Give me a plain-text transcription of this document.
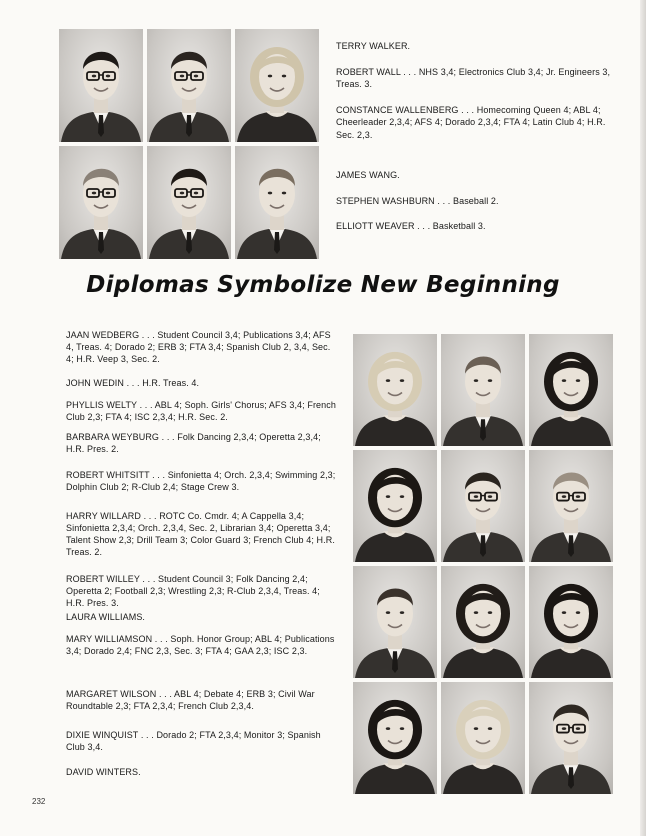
TERRY WALKER.

ROBERT WALL . . . NHS 3,4; Electronics Club 3,4; Jr. Engineers 3, Treas. 3.

CONSTANCE WALLENBERG . . . Homecoming Queen 4; ABL 4; Cheerleader 2,3,4; AFS 4; Dorado 2,3,4; FTA 4; Latin Club 4; H.R. Sec. 2,3.

JAMES WANG.

STEPHEN WASHBURN . . . Baseball 2.

ELLIOTT WEAVER . . . Basketball 3.

Diplomas Symbolize New Beginning

JAAN WEDBERG . . . Student Council 3,4; Publications 3,4; AFS 4, Treas. 4; Dorado 2; ERB 3; FTA 3,4; Spanish Club 2, 3,4, Sec. 4; H.R. Veep 3, Sec. 2.

JOHN WEDIN . . . H.R. Treas. 4.

PHYLLIS WELTY . . . ABL 4; Soph. Girls' Chorus; AFS 3,4; French Club 2,3; FTA 4; ISC 2,3,4; H.R. Sec. 2.

BARBARA WEYBURG . . . Folk Dancing 2,3,4; Operetta 2,3,4; H.R. Pres. 2.

ROBERT WHITSITT . . . Sinfonietta 4; Orch. 2,3,4; Swimming 2,3; Dolphin Club 2; R-Club 2,4; Stage Crew 3.

HARRY WILLARD . . . ROTC Co. Cmdr. 4; A Cappella 3,4; Sinfonietta 2,3,4; Orch. 2,3,4, Sec. 2, Librarian 3,4; Operetta 3,4; Talent Show 2,3; Drill Team 3; Color Guard 3; French Club 4; H.R. Treas. 2.

ROBERT WILLEY . . . Student Council 3; Folk Dancing 2,4; Operetta 2; Football 2,3; Wrestling 2,3; R-Club 2,3,4, Treas. 4; H.R. Pres. 3.

LAURA WILLIAMS.

MARY WILLIAMSON . . . Soph. Honor Group; ABL 4; Publications 3,4; Dorado 2,4; FNC 2,3, Sec. 3; FTA 4; GAA 2,3; ISC 2,3.

MARGARET WILSON . . . ABL 4; Debate 4; ERB 3; Civil War Roundtable 2,3; FTA 2,3,4; French Club 2,3,4.

DIXIE WINQUIST . . . Dorado 2; FTA 2,3,4; Monitor 3; Spanish Club 3,4.

DAVID WINTERS.

232
